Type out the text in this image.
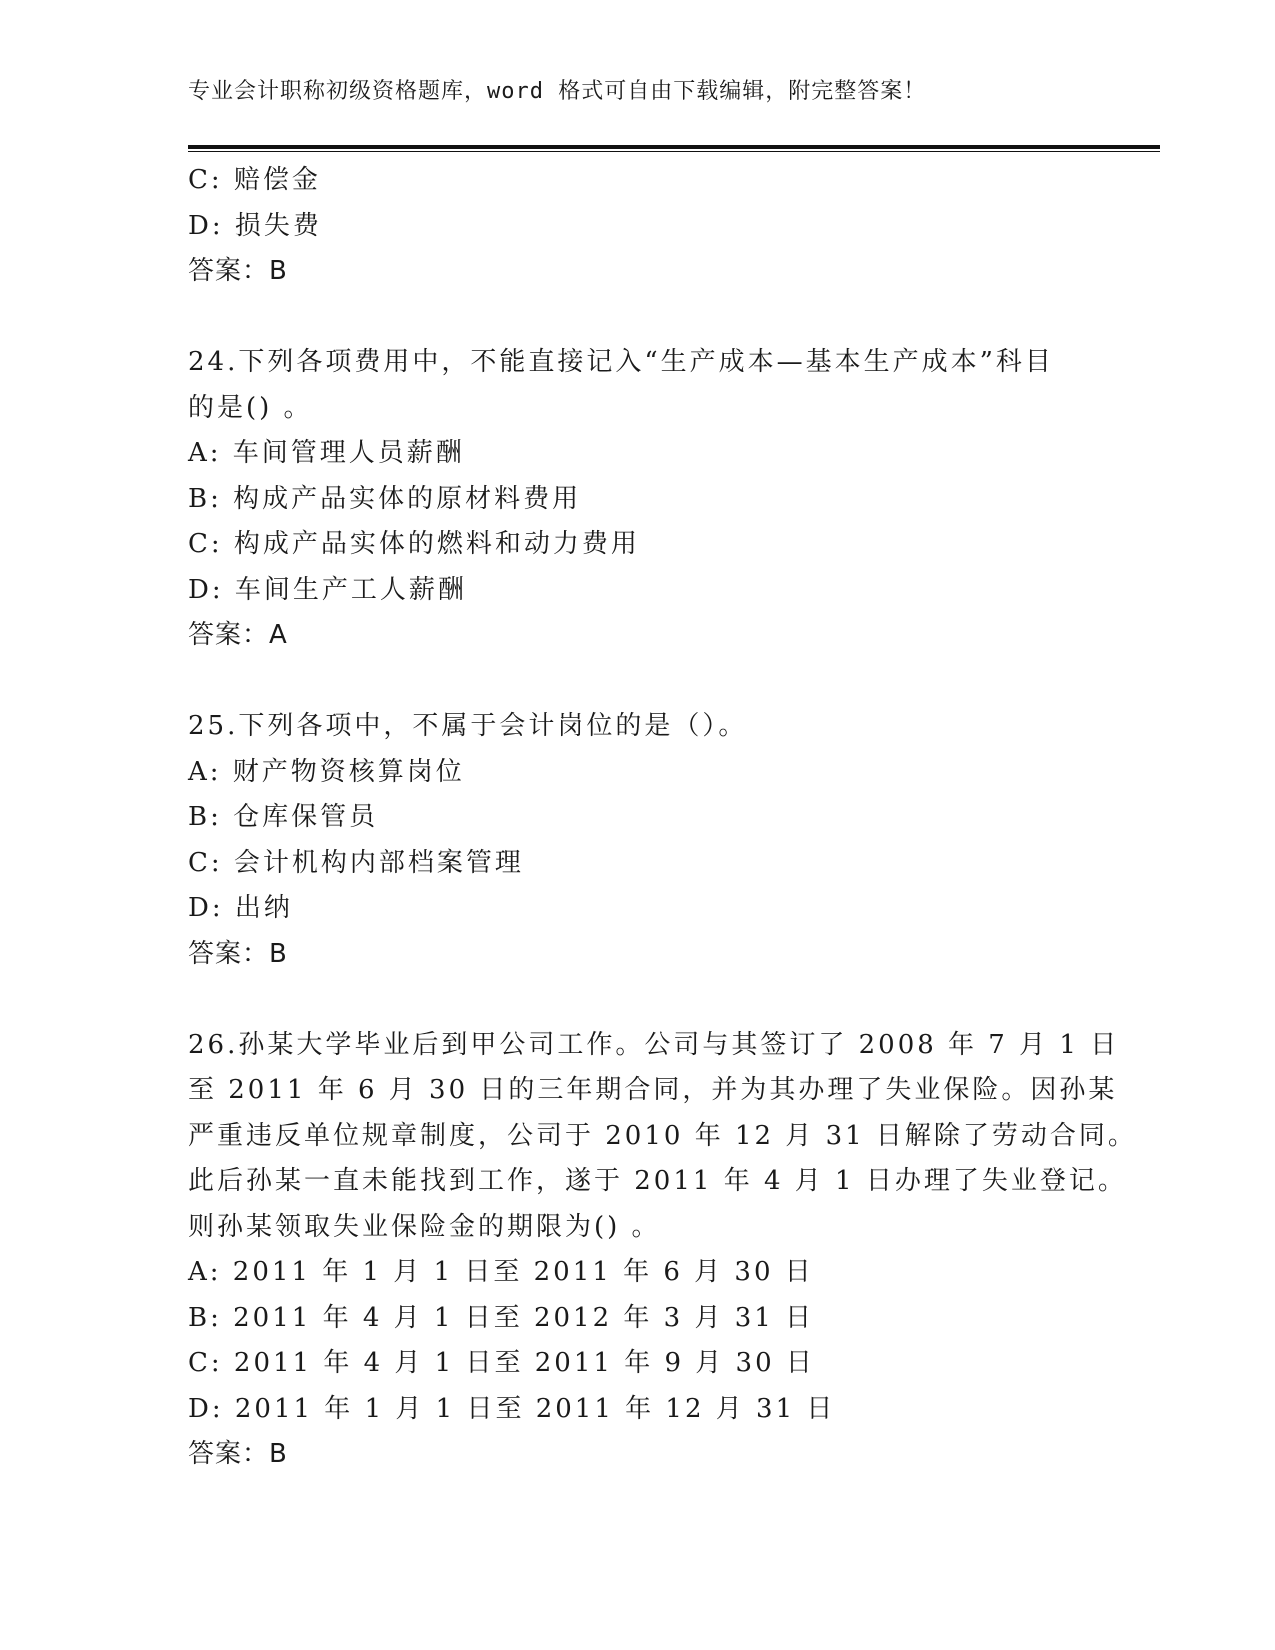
专业会计职称初级资格题库，word 格式可自由下载编辑，附完整答案！
C: 赔偿金
D: 损失费
答案：B
24.下列各项费用中，不能直接记入“生产成本—基本生产成本”科目
的是() 。
A: 车间管理人员薪酬
B: 构成产品实体的原材料费用
C: 构成产品实体的燃料和动力费用
D: 车间生产工人薪酬
答案：A
25.下列各项中，不属于会计岗位的是（）。
A: 财产物资核算岗位
B: 仓库保管员
C: 会计机构内部档案管理
D: 出纳
答案：B
26.孙某大学毕业后到甲公司工作。公司与其签订了 2008 年 7 月 1 日
至 2011 年 6 月 30 日的三年期合同，并为其办理了失业保险。因孙某
严重违反单位规章制度，公司于 2010 年 12 月 31 日解除了劳动合同。
此后孙某一直未能找到工作，遂于 2011 年 4 月 1 日办理了失业登记。
则孙某领取失业保险金的期限为() 。
A: 2011 年 1 月 1 日至 2011 年 6 月 30 日
B: 2011 年 4 月 1 日至 2012 年 3 月 31 日
C: 2011 年 4 月 1 日至 2011 年 9 月 30 日
D: 2011 年 1 月 1 日至 2011 年 12 月 31 日
答案：B
